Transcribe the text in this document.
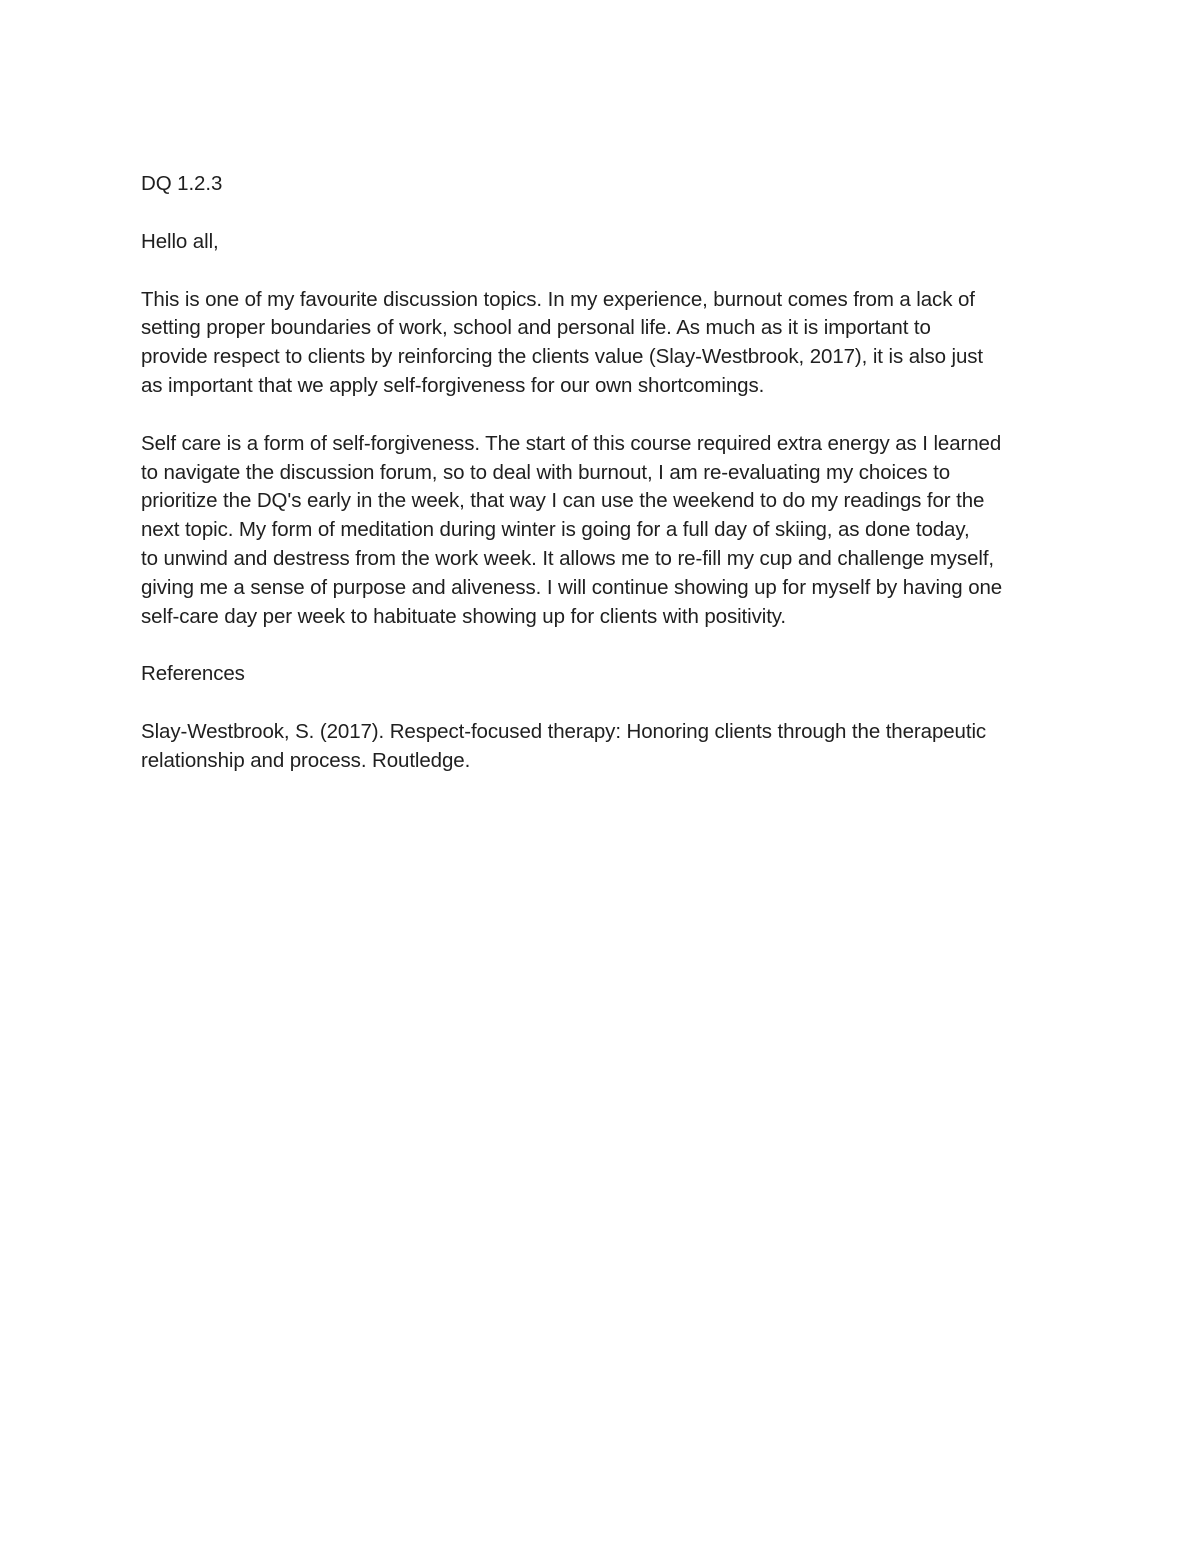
DQ 1.2.3

Hello all,

This is one of my favourite discussion topics. In my experience, burnout comes from a lack of
setting proper boundaries of work, school and personal life. As much as it is important to
provide respect to clients by reinforcing the clients value (Slay-Westbrook, 2017), it is also just
as important that we apply self-forgiveness for our own shortcomings.

Self care is a form of self-forgiveness. The start of this course required extra energy as I learned
to navigate the discussion forum, so to deal with burnout, I am re-evaluating my choices to
prioritize the DQ's early in the week, that way I can use the weekend to do my readings for the
next topic. My form of meditation during winter is going for a full day of skiing, as done today,
to unwind and destress from the work week. It allows me to re-fill my cup and challenge myself,
giving me a sense of purpose and aliveness. I will continue showing up for myself by having one
self-care day per week to habituate showing up for clients with positivity.

References

Slay-Westbrook, S. (2017). Respect-focused therapy: Honoring clients through the therapeutic
relationship and process. Routledge.
